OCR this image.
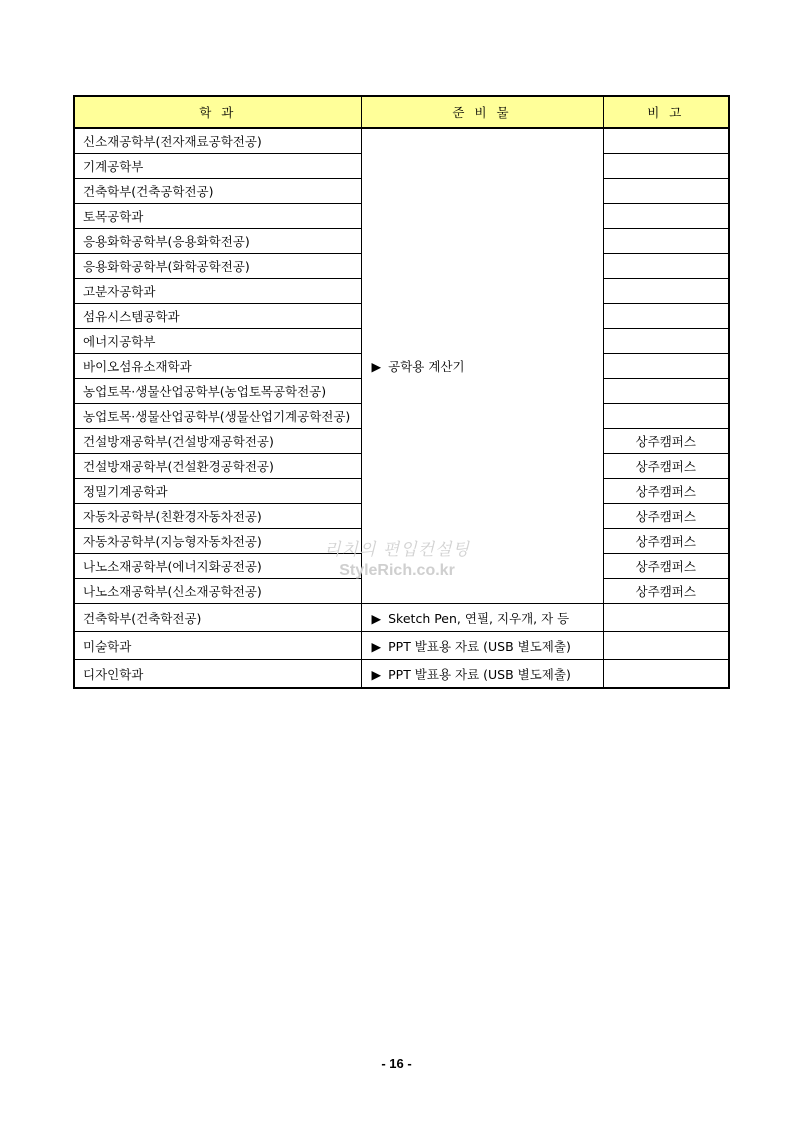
학 과	준 비 물	비 고
신소재공학부(전자재료공학전공)	▶ 공학용 계산기	
기계공학부		
건축학부(건축공학전공)		
토목공학과		
응용화학공학부(응용화학전공)		
응용화학공학부(화학공학전공)		
고분자공학과		
섬유시스템공학과		
에너지공학부		
바이오섬유소재학과		
농업토목·생물산업공학부(농업토목공학전공)		
농업토목·생물산업공학부(생물산업기계공학전공)		
건설방재공학부(건설방재공학전공)		상주캠퍼스
건설방재공학부(건설환경공학전공)		상주캠퍼스
정밀기계공학과		상주캠퍼스
자동차공학부(친환경자동차전공)		상주캠퍼스
자동차공학부(지능형자동차전공)		상주캠퍼스
나노소재공학부(에너지화공전공)		상주캠퍼스
나노소재공학부(신소재공학전공)		상주캠퍼스
건축학부(건축학전공)	▶ Sketch Pen, 연필, 지우개, 자 등	
미술학과	▶ PPT 발표용 자료 (USB 별도제출)	
디자인학과	▶ PPT 발표용 자료 (USB 별도제출)	
리치의 편입컨설팅
StyleRich.co.kr
- 16 -
